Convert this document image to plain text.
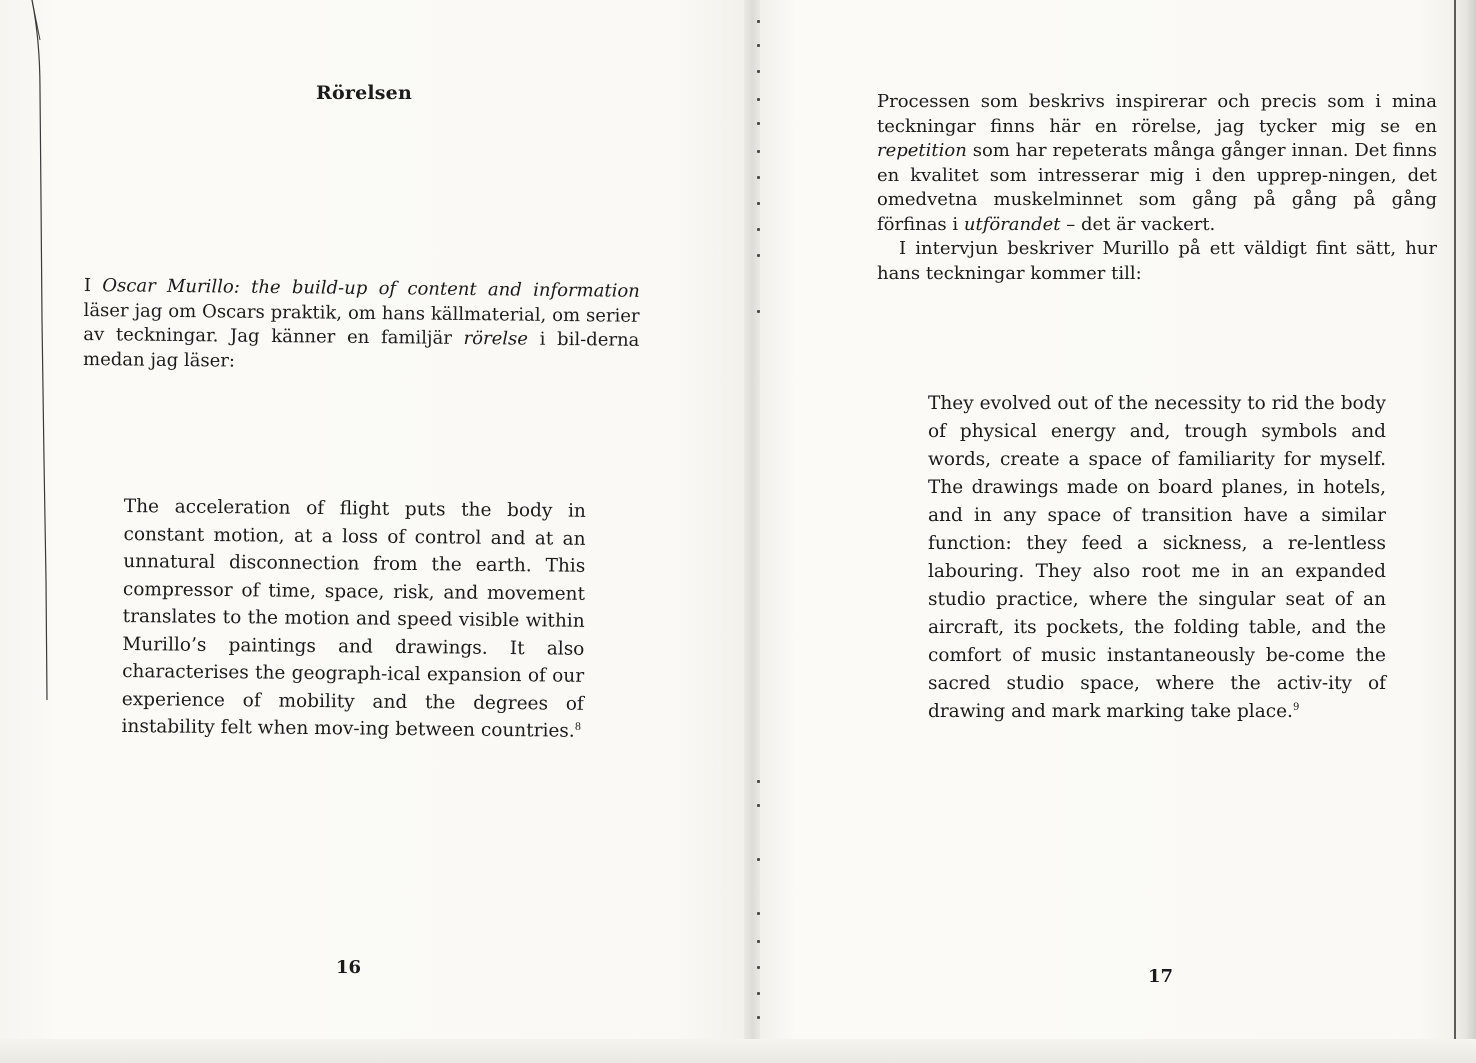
Rörelsen

I Oscar Murillo: the build-up of content and information läser jag om Oscars praktik, om hans källmaterial, om serier av teckningar. Jag känner en familjär rörelse i bil-derna medan jag läser:

The acceleration of flight puts the body in constant motion, at a loss of control and at an unnatural disconnection from the earth. This compressor of time, space, risk, and movement translates to the motion and speed visible within Murillo’s paintings and drawings. It also characterises the geograph-ical expansion of our experience of mobility and the degrees of instability felt when mov-ing between countries.$^8$

16

Processen som beskrivs inspirerar och precis som i mina teckningar finns här en rörelse, jag tycker mig se en repetition som har repeterats många gånger innan. Det finns en kvalitet som intresserar mig i den upprep-ningen, det omedvetna muskelminnet som gång på gång på gång förfinas i utförandet – det är vackert.

I intervjun beskriver Murillo på ett väldigt fint sätt, hur hans teckningar kommer till:

They evolved out of the necessity to rid the body of physical energy and, trough symbols and words, create a space of familiarity for myself. The drawings made on board planes, in hotels, and in any space of transition have a similar function: they feed a sickness, a re-lentless labouring. They also root me in an expanded studio practice, where the singular seat of an aircraft, its pockets, the folding table, and the comfort of music instantaneously be-come the sacred studio space, where the activ-ity of drawing and mark marking take place.$^9$

17
